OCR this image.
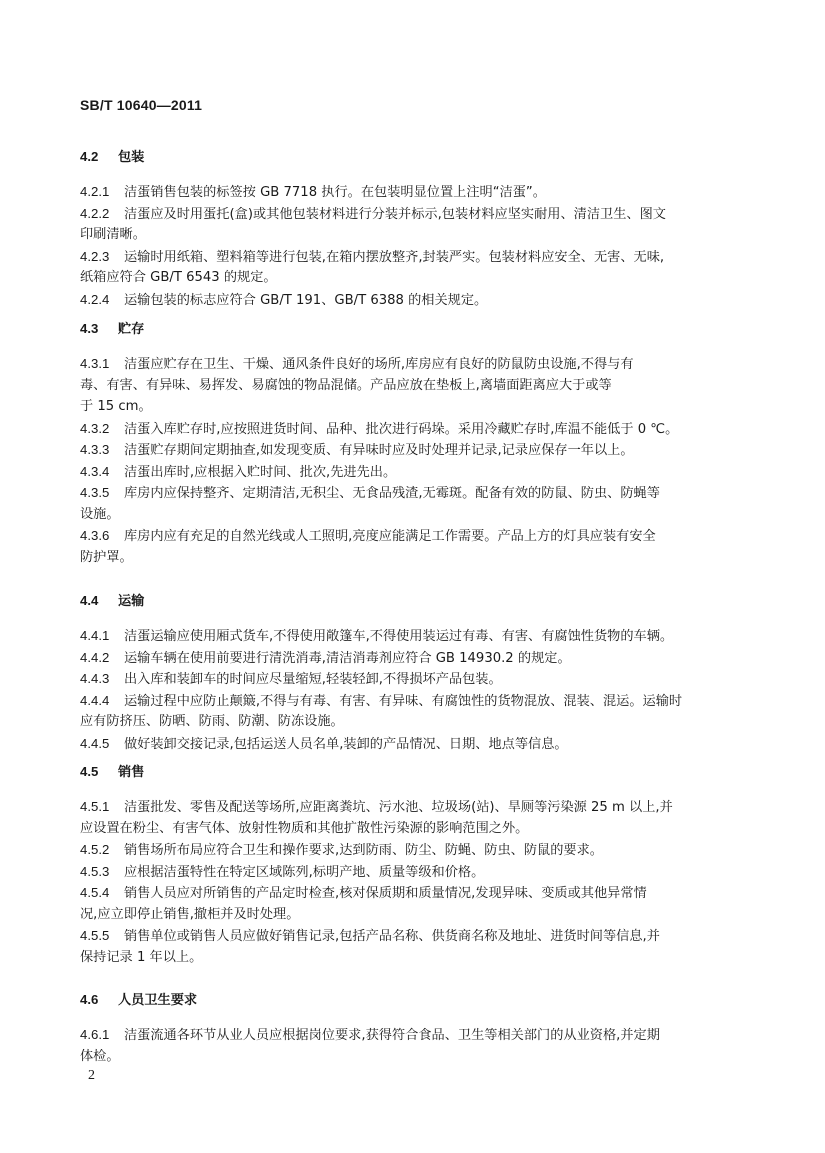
SB/T 10640—2011
4.2 包装
4.2.1 洁蛋销售包装的标签按 GB 7718 执行。在包装明显位置上注明“洁蛋”。
4.2.2 洁蛋应及时用蛋托(盒)或其他包装材料进行分装并标示,包装材料应坚实耐用、清洁卫生、图文
印刷清晰。
4.2.3 运输时用纸箱、塑料箱等进行包装,在箱内摆放整齐,封装严实。包装材料应安全、无害、无味,
纸箱应符合 GB/T 6543 的规定。
4.2.4 运输包装的标志应符合 GB/T 191、GB/T 6388 的相关规定。
4.3 贮存
4.3.1 洁蛋应贮存在卫生、干燥、通风条件良好的场所,库房应有良好的防鼠防虫设施,不得与有
毒、有害、有异味、易挥发、易腐蚀的物品混储。产品应放在垫板上,离墙面距离应大于或等
于 15 cm。
4.3.2 洁蛋入库贮存时,应按照进货时间、品种、批次进行码垛。采用冷藏贮存时,库温不能低于 0 ℃。
4.3.3 洁蛋贮存期间定期抽查,如发现变质、有异味时应及时处理并记录,记录应保存一年以上。
4.3.4 洁蛋出库时,应根据入贮时间、批次,先进先出。
4.3.5 库房内应保持整齐、定期清洁,无积尘、无食品残渣,无霉斑。配备有效的防鼠、防虫、防蝇等
设施。
4.3.6 库房内应有充足的自然光线或人工照明,亮度应能满足工作需要。产品上方的灯具应装有安全
防护罩。
4.4 运输
4.4.1 洁蛋运输应使用厢式货车,不得使用敞篷车,不得使用装运过有毒、有害、有腐蚀性货物的车辆。
4.4.2 运输车辆在使用前要进行清洗消毒,清洁消毒剂应符合 GB 14930.2 的规定。
4.4.3 出入库和装卸车的时间应尽量缩短,轻装轻卸,不得损坏产品包装。
4.4.4 运输过程中应防止颠簸,不得与有毒、有害、有异味、有腐蚀性的货物混放、混装、混运。运输时
应有防挤压、防晒、防雨、防潮、防冻设施。
4.4.5 做好装卸交接记录,包括运送人员名单,装卸的产品情况、日期、地点等信息。
4.5 销售
4.5.1 洁蛋批发、零售及配送等场所,应距离粪坑、污水池、垃圾场(站)、旱厕等污染源 25 m 以上,并
应设置在粉尘、有害气体、放射性物质和其他扩散性污染源的影响范围之外。
4.5.2 销售场所布局应符合卫生和操作要求,达到防雨、防尘、防蝇、防虫、防鼠的要求。
4.5.3 应根据洁蛋特性在特定区域陈列,标明产地、质量等级和价格。
4.5.4 销售人员应对所销售的产品定时检查,核对保质期和质量情况,发现异味、变质或其他异常情
况,应立即停止销售,撤柜并及时处理。
4.5.5 销售单位或销售人员应做好销售记录,包括产品名称、供货商名称及地址、进货时间等信息,并
保持记录 1 年以上。
4.6 人员卫生要求
4.6.1 洁蛋流通各环节从业人员应根据岗位要求,获得符合食品、卫生等相关部门的从业资格,并定期
体检。
2
